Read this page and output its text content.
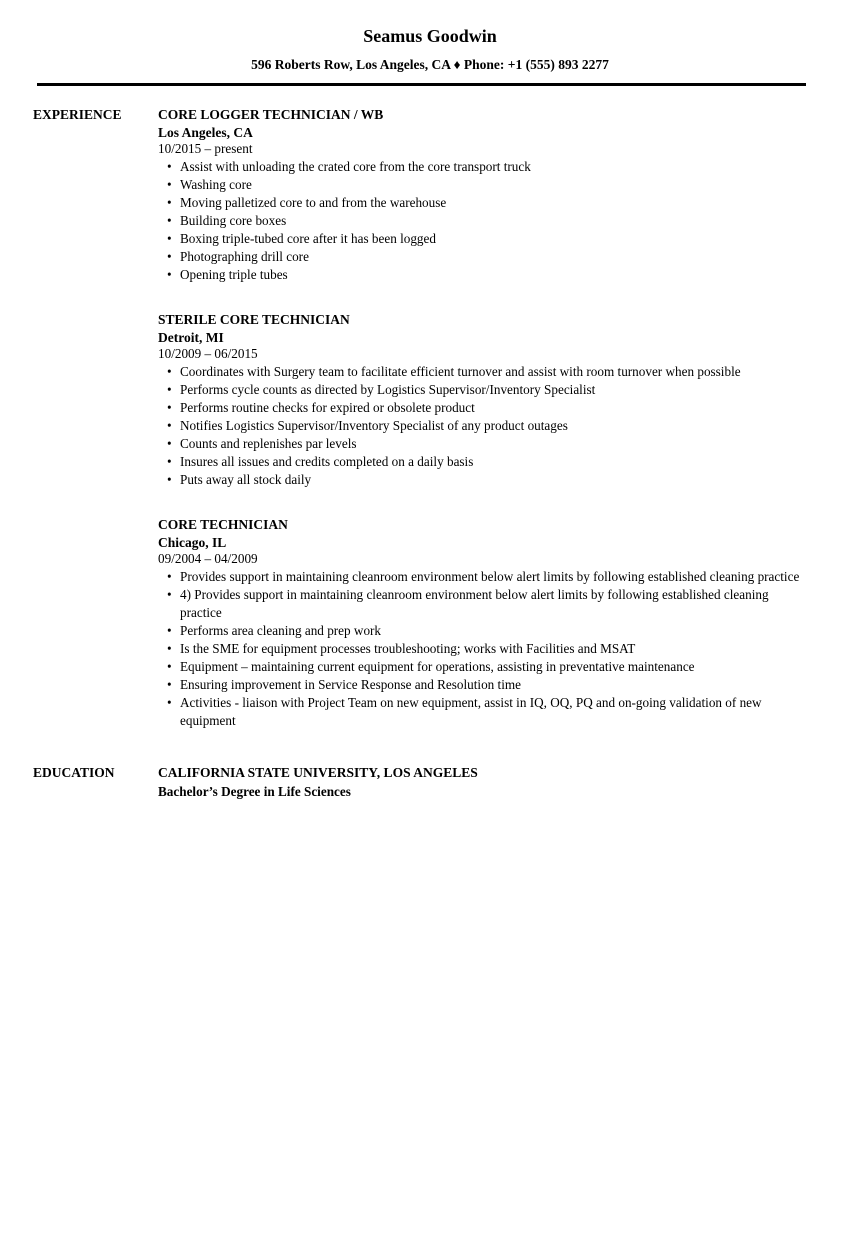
Seamus Goodwin

596 Roberts Row, Los Angeles, CA ♦ Phone: +1 (555) 893 2277

EXPERIENCE	CORE LOGGER TECHNICIAN / WB
Los Angeles, CA
10/2015 – present
• Assist with unloading the crated core from the core transport truck
• Washing core
• Moving palletized core to and from the warehouse
• Building core boxes
• Boxing triple-tubed core after it has been logged
• Photographing drill core
• Opening triple tubes
STERILE CORE TECHNICIAN
Detroit, MI
10/2009 – 06/2015
• Coordinates with Surgery team to facilitate efficient turnover and assist with room turnover when possible
• Performs cycle counts as directed by Logistics Supervisor/Inventory Specialist
• Performs routine checks for expired or obsolete product
• Notifies Logistics Supervisor/Inventory Specialist of any product outages
• Counts and replenishes par levels
• Insures all issues and credits completed on a daily basis
• Puts away all stock daily
CORE TECHNICIAN
Chicago, IL
09/2004 – 04/2009
• Provides support in maintaining cleanroom environment below alert limits by following established cleaning practice
• 4) Provides support in maintaining cleanroom environment below alert limits by following established cleaning practice
• Performs area cleaning and prep work
• Is the SME for equipment processes troubleshooting; works with Facilities and MSAT
• Equipment – maintaining current equipment for operations, assisting in preventative maintenance
• Ensuring improvement in Service Response and Resolution time
• Activities - liaison with Project Team on new equipment, assist in IQ, OQ, PQ and on-going validation of new equipment
EDUCATION	CALIFORNIA STATE UNIVERSITY, LOS ANGELES
Bachelor’s Degree in Life Sciences
